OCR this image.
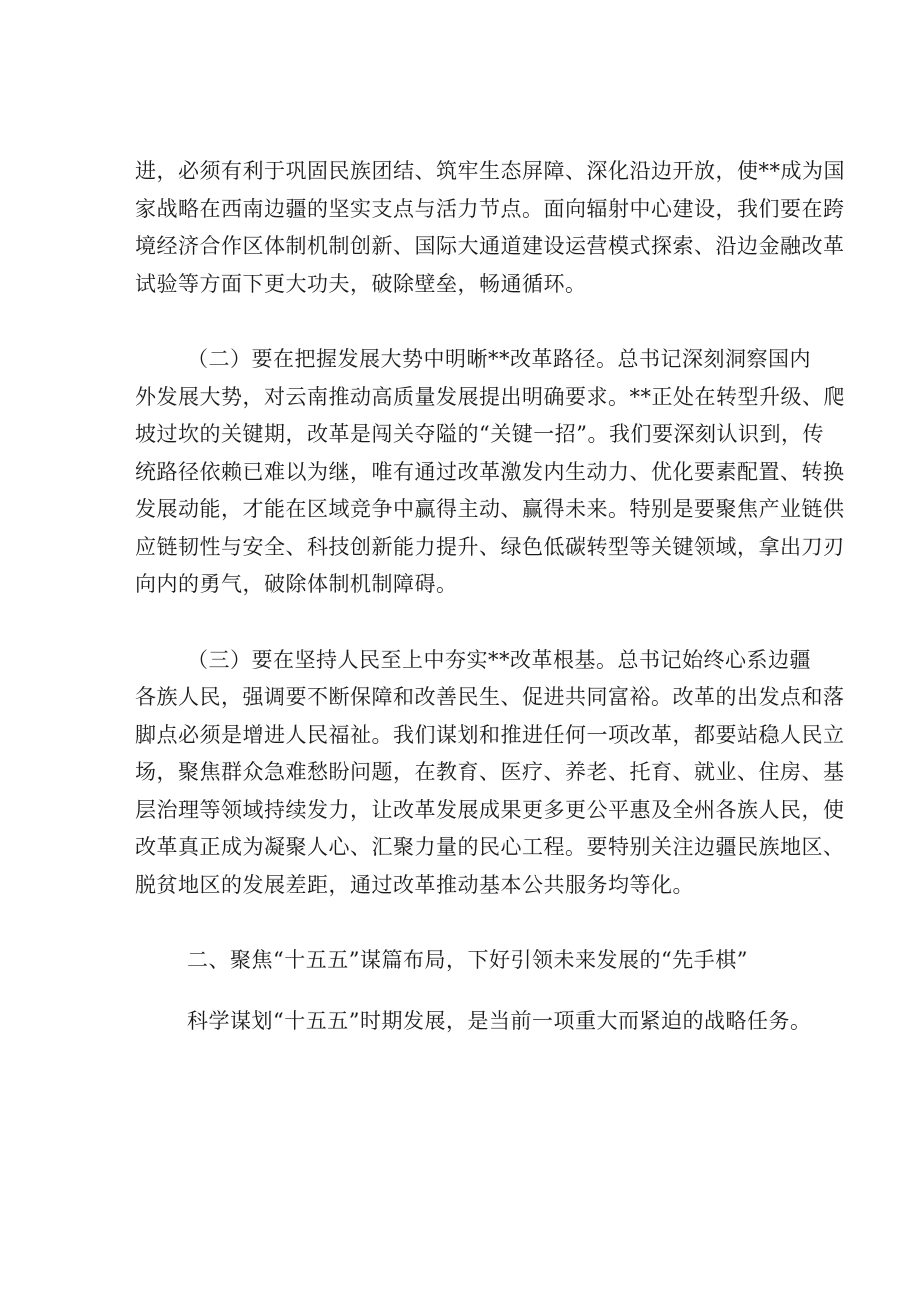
进，必须有利于巩固民族团结、筑牢生态屏障、深化沿边开放，使**成为国
家战略在西南边疆的坚实支点与活力节点。面向辐射中心建设，我们要在跨
境经济合作区体制机制创新、国际大通道建设运营模式探索、沿边金融改革
试验等方面下更大功夫，破除壁垒，畅通循环。
（二）要在把握发展大势中明晰**改革路径。总书记深刻洞察国内
外发展大势，对云南推动高质量发展提出明确要求。**正处在转型升级、爬
坡过坎的关键期，改革是闯关夺隘的“关键一招”。我们要深刻认识到，传
统路径依赖已难以为继，唯有通过改革激发内生动力、优化要素配置、转换
发展动能，才能在区域竞争中赢得主动、赢得未来。特别是要聚焦产业链供
应链韧性与安全、科技创新能力提升、绿色低碳转型等关键领域，拿出刀刃
向内的勇气，破除体制机制障碍。
（三）要在坚持人民至上中夯实**改革根基。总书记始终心系边疆
各族人民，强调要不断保障和改善民生、促进共同富裕。改革的出发点和落
脚点必须是增进人民福祉。我们谋划和推进任何一项改革，都要站稳人民立
场，聚焦群众急难愁盼问题，在教育、医疗、养老、托育、就业、住房、基
层治理等领域持续发力，让改革发展成果更多更公平惠及全州各族人民，使
改革真正成为凝聚人心、汇聚力量的民心工程。要特别关注边疆民族地区、
脱贫地区的发展差距，通过改革推动基本公共服务均等化。
二、聚焦“十五五”谋篇布局，下好引领未来发展的“先手棋”
科学谋划“十五五”时期发展，是当前一项重大而紧迫的战略任务。
